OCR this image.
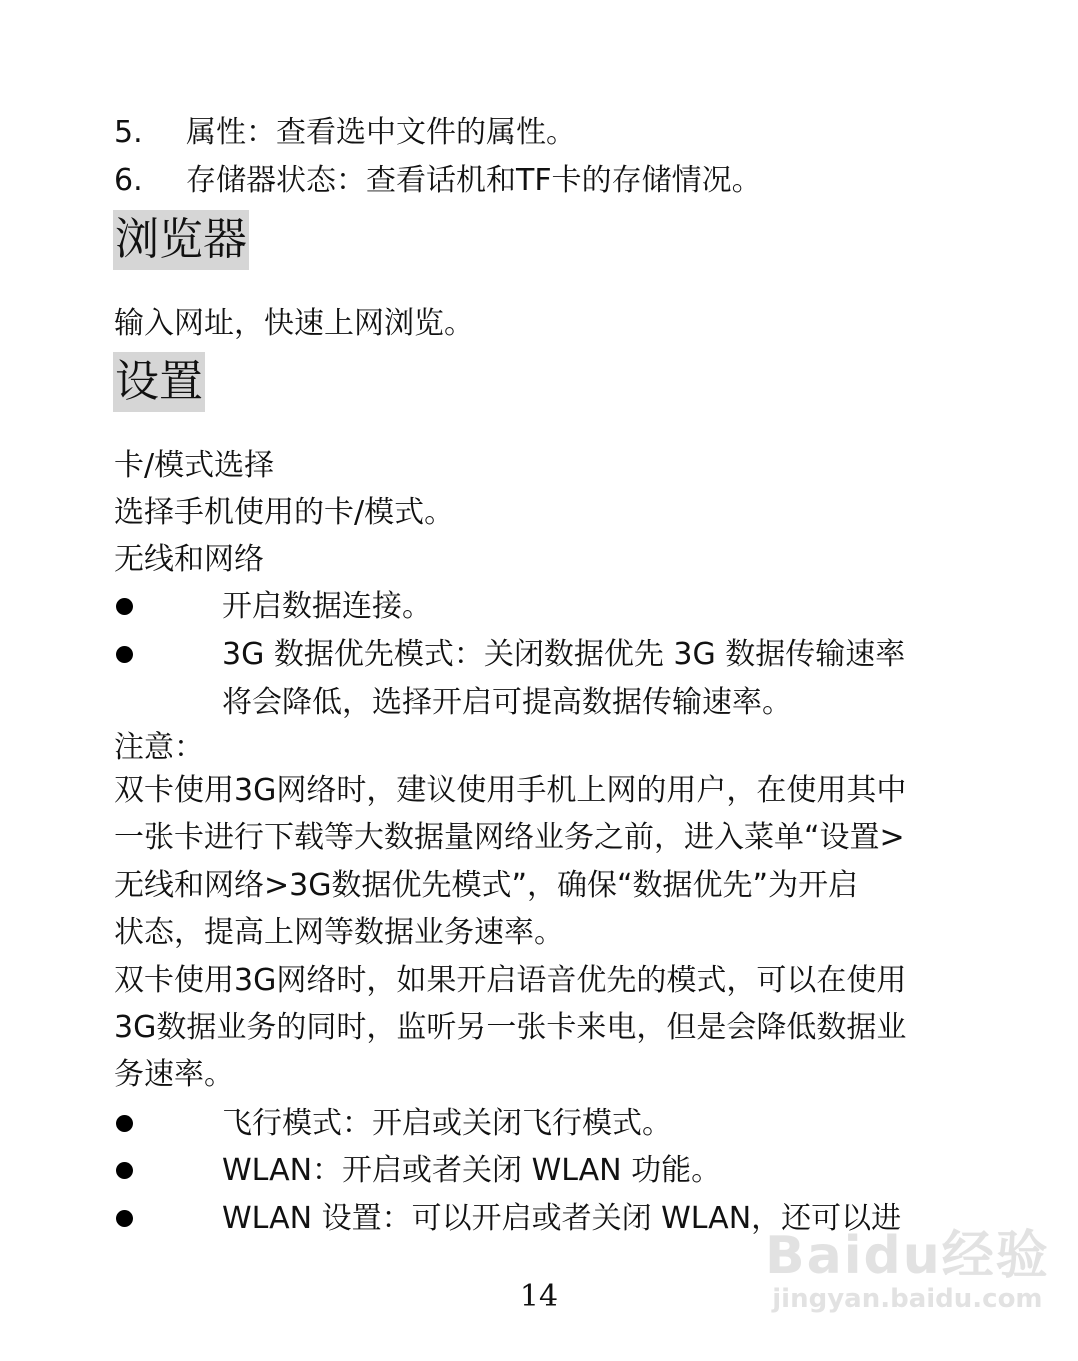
5. 属性：查看选中文件的属性。
6. 存储器状态：查看话机和TF卡的存储情况。
浏览器
输入网址，快速上网浏览。
设置
卡/模式选择
选择手机使用的卡/模式。
无线和网络
开启数据连接。
3G 数据优先模式：关闭数据优先 3G 数据传输速率
将会降低，选择开启可提高数据传输速率。
注意：
双卡使用3G网络时，建议使用手机上网的用户，在使用其中
一张卡进行下载等大数据量网络业务之前，进入菜单“设置>
无线和网络>3G数据优先模式”，确保“数据优先”为开启
状态，提高上网等数据业务速率。
双卡使用3G网络时，如果开启语音优先的模式，可以在使用
3G数据业务的同时，监听另一张卡来电，但是会降低数据业
务速率。
飞行模式：开启或关闭飞行模式。
WLAN：开启或者关闭 WLAN 功能。
WLAN 设置：可以开启或者关闭 WLAN，还可以进
14
Baidu经验
jingyan.baidu.com
